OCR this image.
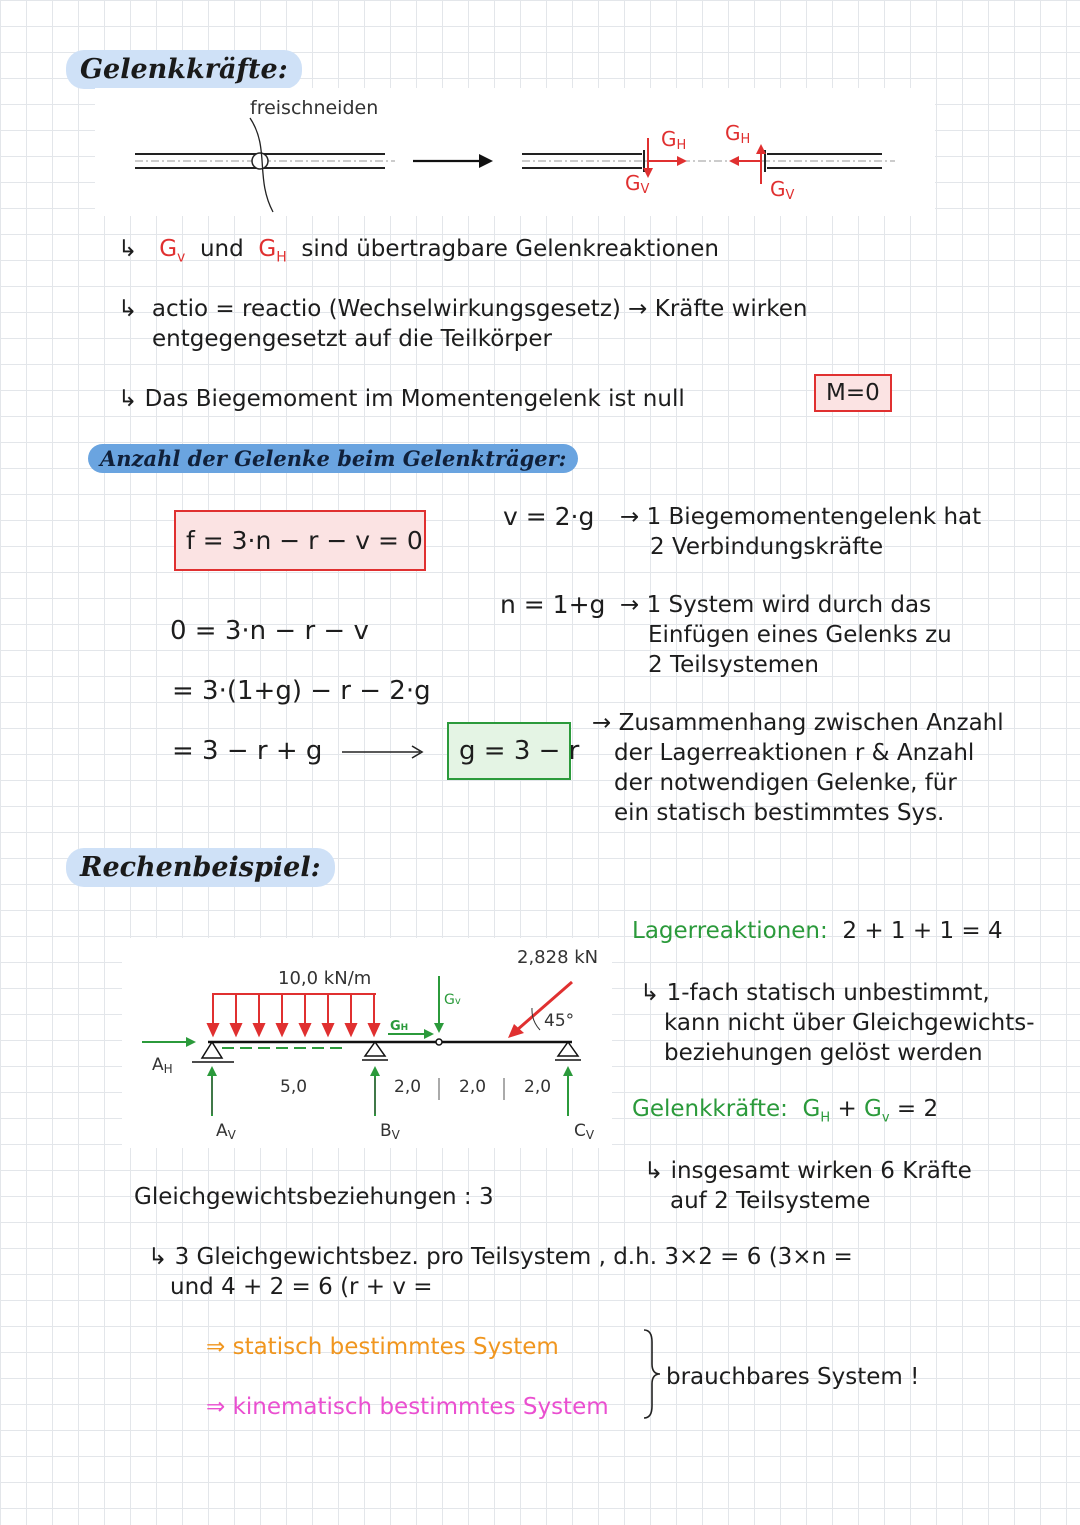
Gelenkkräfte:
freischneiden
GH
GH
GV	GV
↳ $G_v$ und $G_H$ sind übertragbare Gelenkreaktionen
↳ actio = reactio (Wechselwirkungsgesetz) → Kräfte wirken
entgegengesetzt auf die Teilkörper
↳ Das Biegemoment im Momentengelenk ist null	M=0
Anzahl der Gelenke beim Gelenkträger:
f = 3·n − r − v = 0
v = 2·g → 1 Biegemomentengelenk hat
2 Verbindungskräfte
n = 1+g → 1 System wird durch das
Einfügen eines Gelenks zu
2 Teilsystemen
0 = 3·n − r − v
= 3·(1+g) − r − 2·g
= 3 − r + g	g = 3 − r
→ Zusammenhang zwischen Anzahl
der Lagerreaktionen r & Anzahl
der notwendigen Gelenke, für
ein statisch bestimmtes Sys.
Rechenbeispiel:
10,0 kN/m
2,828 kN
GH
Gv
45°
5,0	2,0 2,0 2,0
AH
AV	BV	CV
Lagerreaktionen: 2 + 1 + 1 = 4
↳ 1-fach statisch unbestimmt,
kann nicht über Gleichgewichts-
beziehungen gelöst werden
Gelenkkräfte: $G_H + G_v = 2$
↳ insgesamt wirken 6 Kräfte
auf 2 Teilsysteme
Gleichgewichtsbeziehungen : 3
↳ 3 Gleichgewichtsbez. pro Teilsystem , d.h. 3×2 = 6 (3×n =
und 4 + 2 = 6 (r + v =
⇒ statisch bestimmtes System
⇒ kinematisch bestimmtes System
brauchbares System !
